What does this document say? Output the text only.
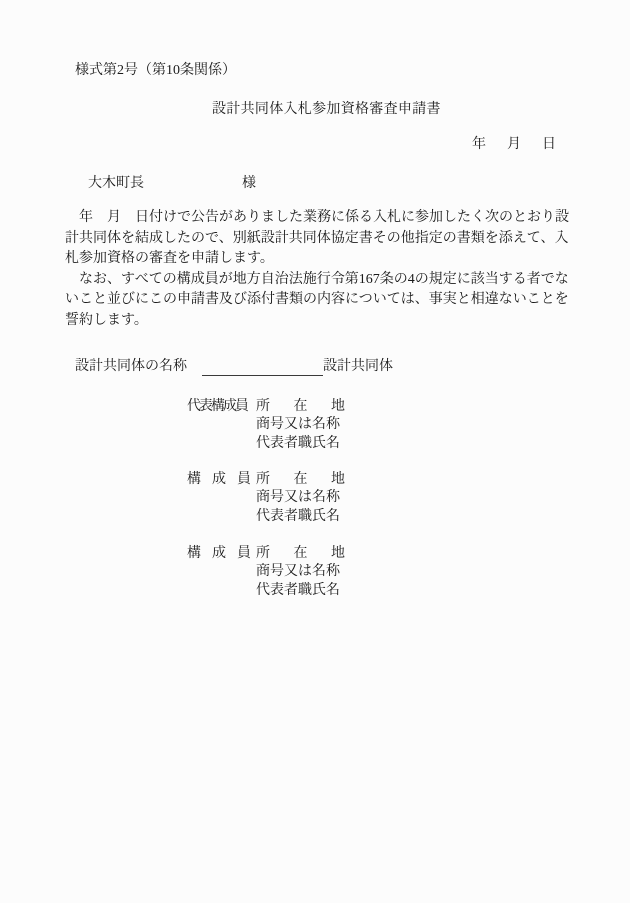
様式第2号（第10条関係）
設計共同体入札参加資格審査申請書
年 月 日
大木町長	様
　年　月　日付けで公告がありました業務に係る入札に参加したく次のとおり設
計共同体を結成したので、別紙設計共同体協定書その他指定の書類を添えて、入
札参加資格の審査を申請します。
　なお、すべての構成員が地方自治法施行令第167条の4の規定に該当する者でな
いこと並びにこの申請書及び添付書類の内容については、事実と相違ないことを
誓約します。
設計共同体の名称	設計共同体
代表構成員 所在地
商号又は名称
代表者職氏名
構成員
所在地
商号又は名称
代表者職氏名
構成員
所在地
商号又は名称
代表者職氏名
